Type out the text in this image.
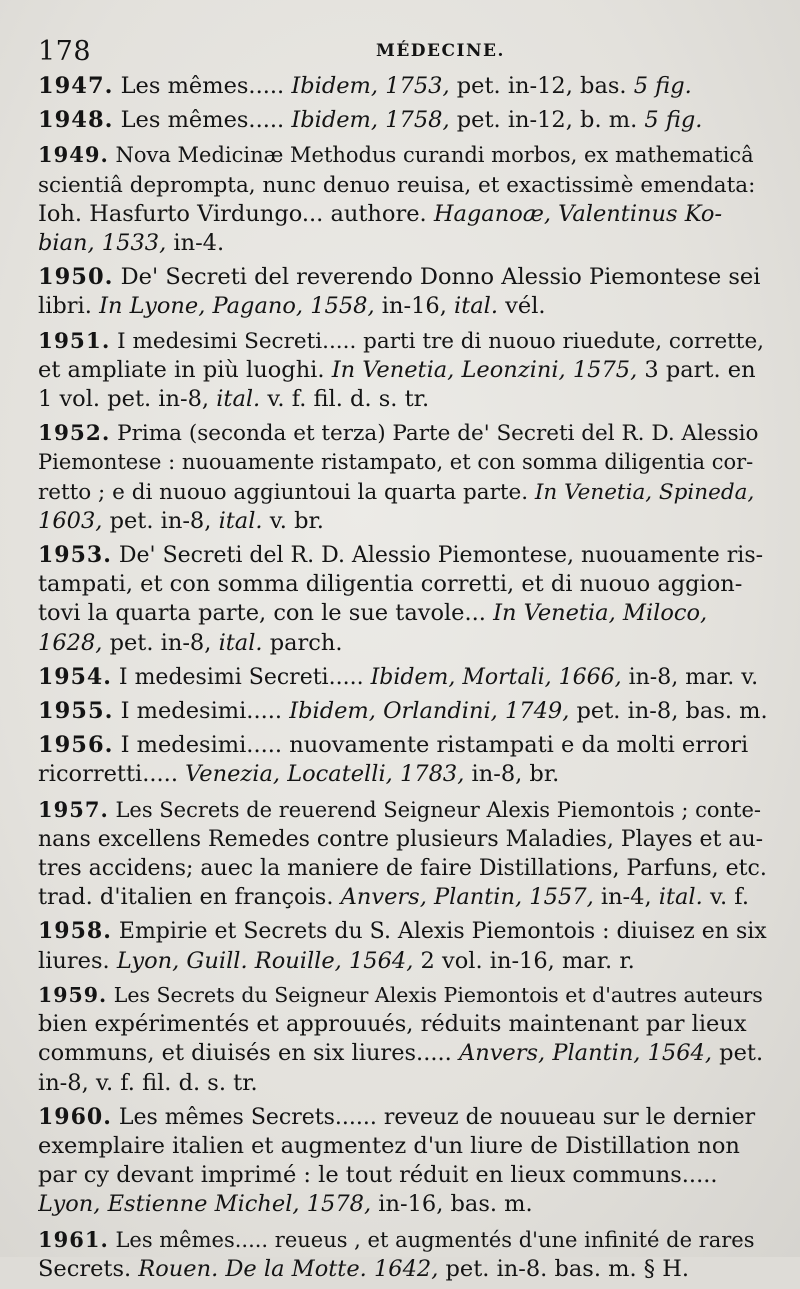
178	MÉDECINE.
1947. Les mêmes..... Ibidem, 1753, pet. in-12, bas. 5 fig.
1948. Les mêmes..... Ibidem, 1758, pet. in-12, b. m. 5 fig.
1949. Nova Medicinæ Methodus curandi morbos, ex mathematicâ
scientiâ deprompta, nunc denuo reuisa, et exactissimè emendata:
Ioh. Hasfurto Virdungo... authore. Haganoæ, Valentinus Ko-
bian, 1533, in-4.
1950. De' Secreti del reverendo Donno Alessio Piemontese sei
libri. In Lyone, Pagano, 1558, in-16, ital. vél.
1951. I medesimi Secreti..... parti tre di nuouo riuedute, corrette,
et ampliate in più luoghi. In Venetia, Leonzini, 1575, 3 part. en
1 vol. pet. in-8, ital. v. f. fil. d. s. tr.
1952. Prima (seconda et terza) Parte de' Secreti del R. D. Alessio
Piemontese : nuouamente ristampato, et con somma diligentia cor-
retto ; e di nuouo aggiuntoui la quarta parte. In Venetia, Spineda,
1603, pet. in-8, ital. v. br.
1953. De' Secreti del R. D. Alessio Piemontese, nuouamente ris-
tampati, et con somma diligentia corretti, et di nuouo aggion-
tovi la quarta parte, con le sue tavole... In Venetia, Miloco,
1628, pet. in-8, ital. parch.
1954. I medesimi Secreti..... Ibidem, Mortali, 1666, in-8, mar. v.
1955. I medesimi..... Ibidem, Orlandini, 1749, pet. in-8, bas. m.
1956. I medesimi..... nuovamente ristampati e da molti errori
ricorretti..... Venezia, Locatelli, 1783, in-8, br.
1957. Les Secrets de reuerend Seigneur Alexis Piemontois ; conte-
nans excellens Remedes contre plusieurs Maladies, Playes et au-
tres accidens; auec la maniere de faire Distillations, Parfuns, etc.
trad. d'italien en françois. Anvers, Plantin, 1557, in-4, ital. v. f.
1958. Empirie et Secrets du S. Alexis Piemontois : diuisez en six
liures. Lyon, Guill. Rouille, 1564, 2 vol. in-16, mar. r.
1959. Les Secrets du Seigneur Alexis Piemontois et d'autres auteurs
bien expérimentés et approuués, réduits maintenant par lieux
communs, et diuisés en six liures..... Anvers, Plantin, 1564, pet.
in-8, v. f. fil. d. s. tr.
1960. Les mêmes Secrets...... reveuz de nouueau sur le dernier
exemplaire italien et augmentez d'un liure de Distillation non
par cy devant imprimé : le tout réduit en lieux communs.....
Lyon, Estienne Michel, 1578, in-16, bas. m.
1961. Les mêmes..... reueus , et augmentés d'une infinité de rares
Secrets. Rouen. De la Motte. 1642, pet. in-8. bas. m. § H.
